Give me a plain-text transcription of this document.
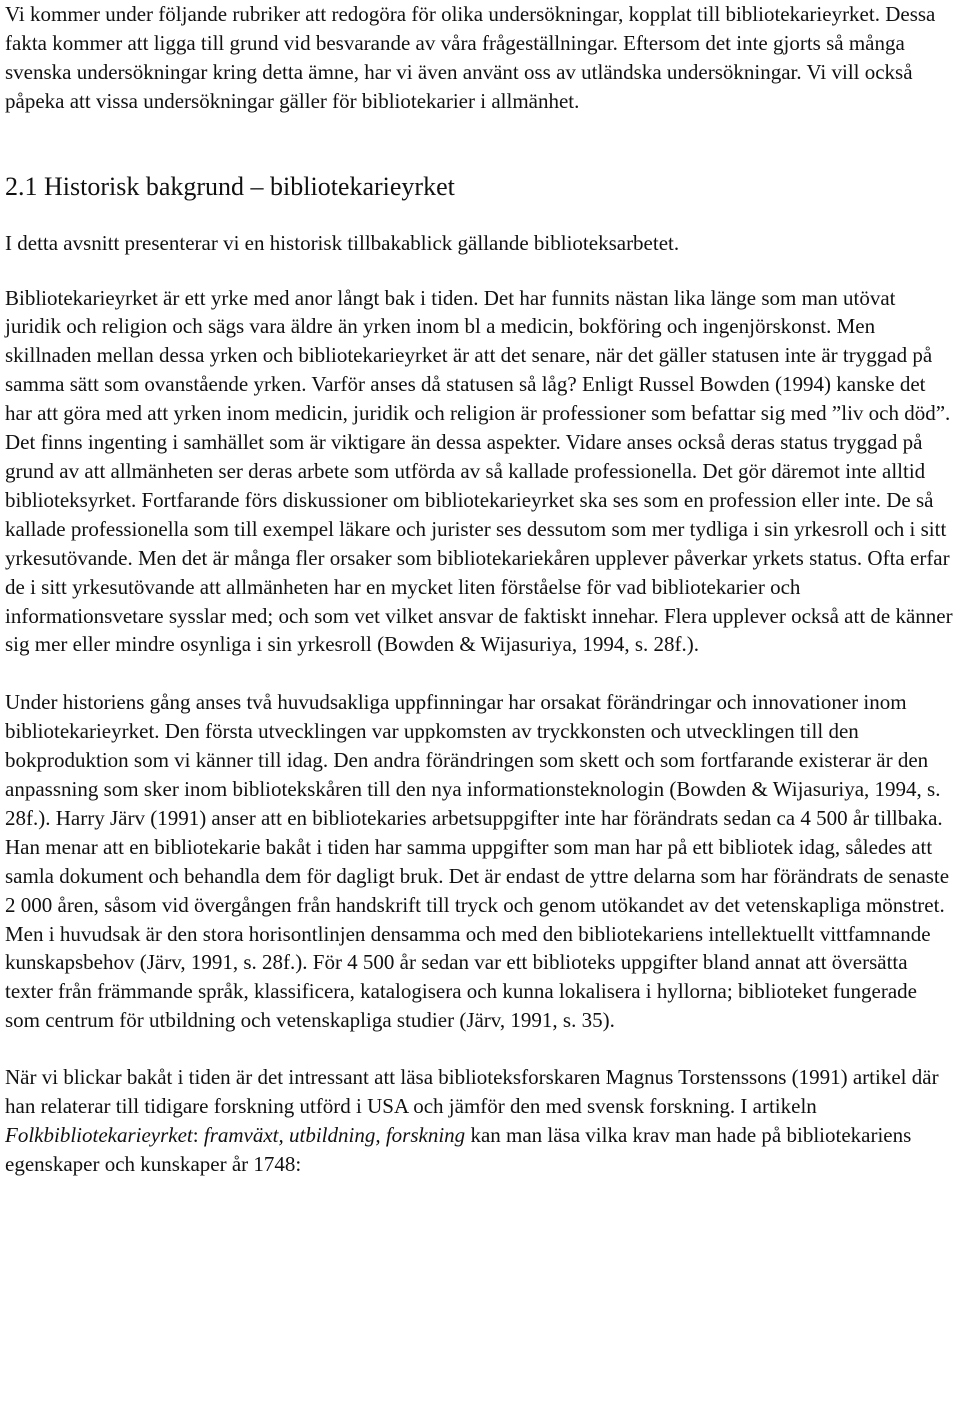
Vi kommer under följande rubriker att redogöra för olika undersökningar, kopplat till bibliotekarieyrket. Dessa fakta kommer att ligga till grund vid besvarande av våra frågeställningar. Eftersom det inte gjorts så många svenska undersökningar kring detta ämne, har vi även använt oss av utländska undersökningar. Vi vill också påpeka att vissa undersökningar gäller för bibliotekarier i allmänhet.

2.1 Historisk bakgrund – bibliotekarieyrket

I detta avsnitt presenterar vi en historisk tillbakablick gällande biblioteksarbetet.

Bibliotekarieyrket är ett yrke med anor långt bak i tiden. Det har funnits nästan lika länge som man utövat juridik och religion och sägs vara äldre än yrken inom bl a medicin, bokföring och ingenjörskonst. Men skillnaden mellan dessa yrken och bibliotekarieyrket är att det senare, när det gäller statusen inte är tryggad på samma sätt som ovanstående yrken. Varför anses då statusen så låg? Enligt Russel Bowden (1994) kanske det har att göra med att yrken inom medicin, juridik och religion är professioner som befattar sig med ”liv och död”. Det finns ingenting i samhället som är viktigare än dessa aspekter. Vidare anses också deras status tryggad på grund av att allmänheten ser deras arbete som utförda av så kallade professionella. Det gör däremot inte alltid biblioteksyrket. Fortfarande förs diskussioner om bibliotekarieyrket ska ses som en profession eller inte. De så kallade professionella som till exempel läkare och jurister ses dessutom som mer tydliga i sin yrkesroll och i sitt yrkesutövande. Men det är många fler orsaker som bibliotekariekåren upplever påverkar yrkets status. Ofta erfar de i sitt yrkesutövande att allmänheten har en mycket liten förståelse för vad bibliotekarier och informationsvetare sysslar med; och som vet vilket ansvar de faktiskt innehar. Flera upplever också att de känner sig mer eller mindre osynliga i sin yrkesroll (Bowden & Wijasuriya, 1994, s. 28f.).

Under historiens gång anses två huvudsakliga uppfinningar har orsakat förändringar och innovationer inom bibliotekarieyrket. Den första utvecklingen var uppkomsten av tryckkonsten och utvecklingen till den bokproduktion som vi känner till idag. Den andra förändringen som skett och som fortfarande existerar är den anpassning som sker inom bibliotekskåren till den nya informationsteknologin (Bowden & Wijasuriya, 1994, s. 28f.). Harry Järv (1991) anser att en bibliotekaries arbetsuppgifter inte har förändrats sedan ca 4 500 år tillbaka. Han menar att en bibliotekarie bakåt i tiden har samma uppgifter som man har på ett bibliotek idag, således att samla dokument och behandla dem för dagligt bruk. Det är endast de yttre delarna som har förändrats de senaste 2 000 åren, såsom vid övergången från handskrift till tryck och genom utökandet av det vetenskapliga mönstret. Men i huvudsak är den stora horisontlinjen densamma och med den bibliotekariens intellektuellt vittfamnande kunskapsbehov (Järv, 1991, s. 28f.). För 4 500 år sedan var ett biblioteks uppgifter bland annat att översätta texter från främmande språk, klassificera, katalogisera och kunna lokalisera i hyllorna; biblioteket fungerade som centrum för utbildning och vetenskapliga studier (Järv, 1991, s. 35).

När vi blickar bakåt i tiden är det intressant att läsa biblioteksforskaren Magnus Torstenssons (1991) artikel där han relaterar till tidigare forskning utförd i USA och jämför den med svensk forskning. I artikeln Folkbibliotekarieyrket: framväxt, utbildning, forskning kan man läsa vilka krav man hade på bibliotekariens egenskaper och kunskaper år 1748:
